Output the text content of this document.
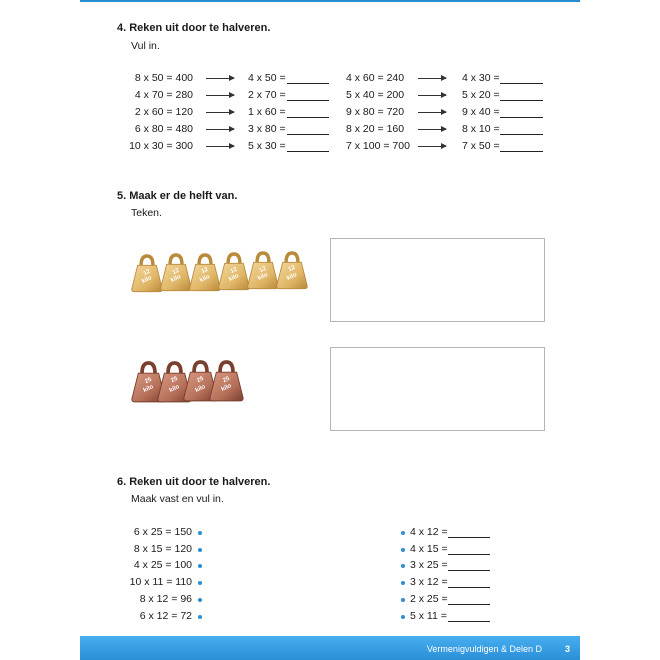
4. Reken uit door te halveren.
Vul in.
8 x 50 = 400	4 x 50 =	4 x 60 = 240	4 x 30 =
4 x 70 = 280	2 x 70 =	5 x 40 = 200	5 x 20 =
2 x 60 = 120	1 x 60 =	9 x 80 = 720	9 x 40 =
6 x 80 = 480	3 x 80 =	8 x 20 = 160	8 x 10 =
10 x 30 = 300	5 x 30 =	7 x 100 = 700	7 x 50 =
5. Maak er de helft van.
Teken.
12
kilo
12
kilo
12
kilo
12
kilo
12
kilo
12
kilo
25
kilo
25
kilo
25
kilo
25
kilo
6. Reken uit door te halveren.
Maak vast en vul in.
6 x 25 = 150	4 x 12 =
8 x 15 = 120	4 x 15 =
4 x 25 = 100	3 x 25 =
10 x 11 = 110	3 x 12 =
8 x 12 = 96	2 x 25 =
6 x 12 = 72	5 x 11 =
Vermenigvuldigen & Delen D	3
